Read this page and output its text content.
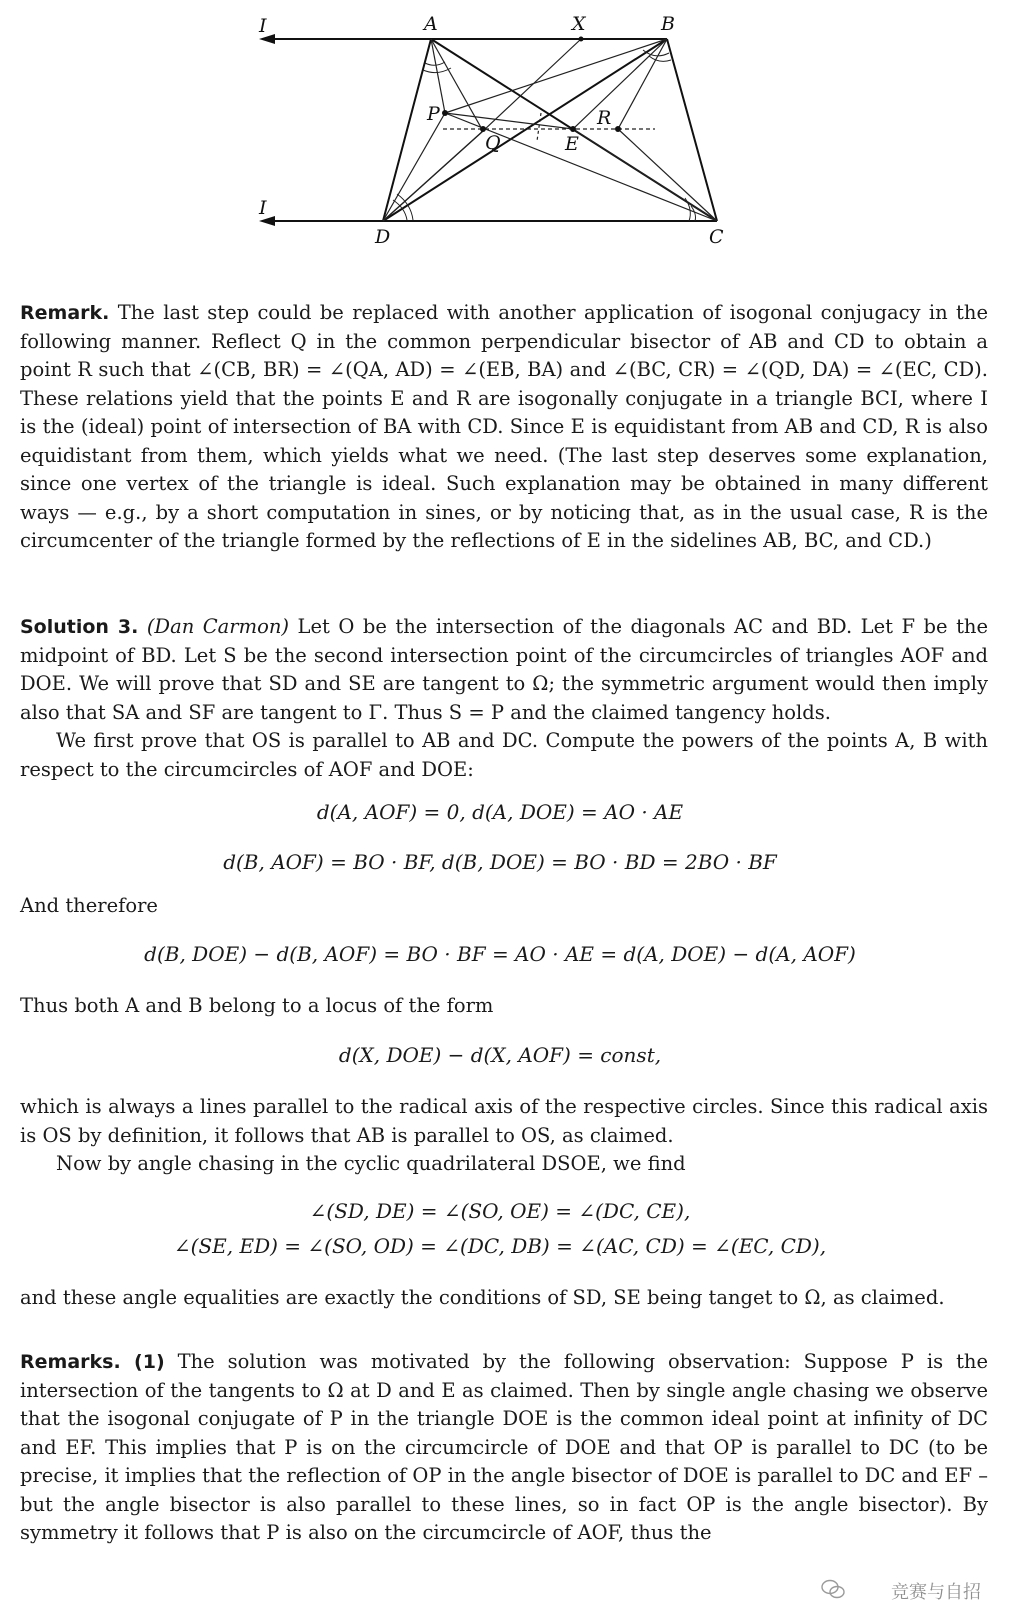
I	A	X	B
P
Q	E
R
I
D	C

Remark. The last step could be replaced with another application of isogonal conjugacy in the following manner. Reflect Q in the common perpendicular bisector of AB and CD to obtain a point R such that ∠(CB, BR) = ∠(QA, AD) = ∠(EB, BA) and ∠(BC, CR) = ∠(QD, DA) = ∠(EC, CD). These relations yield that the points E and R are isogonally conjugate in a triangle BCI, where I is the (ideal) point of intersection of BA with CD. Since E is equidistant from AB and CD, R is also equidistant from them, which yields what we need. (The last step deserves some explanation, since one vertex of the triangle is ideal. Such explanation may be obtained in many different ways — e.g., by a short computation in sines, or by noticing that, as in the usual case, R is the circumcenter of the triangle formed by the reflections of E in the sidelines AB, BC, and CD.)

Solution 3. (Dan Carmon) Let O be the intersection of the diagonals AC and BD. Let F be the midpoint of BD. Let S be the second intersection point of the circumcircles of triangles AOF and DOE. We will prove that SD and SE are tangent to Ω; the symmetric argument would then imply also that SA and SF are tangent to Γ. Thus S = P and the claimed tangency holds.

We first prove that OS is parallel to AB and DC. Compute the powers of the points A, B with respect to the circumcircles of AOF and DOE:

d(A, AOF) = 0, d(A, DOE) = AO · AE
d(B, AOF) = BO · BF, d(B, DOE) = BO · BD = 2BO · BF

And therefore

d(B, DOE) − d(B, AOF) = BO · BF = AO · AE = d(A, DOE) − d(A, AOF)

Thus both A and B belong to a locus of the form

d(X, DOE) − d(X, AOF) = const,

which is always a lines parallel to the radical axis of the respective circles. Since this radical axis is OS by definition, it follows that AB is parallel to OS, as claimed.

Now by angle chasing in the cyclic quadrilateral DSOE, we find

∠(SD, DE) = ∠(SO, OE) = ∠(DC, CE),
∠(SE, ED) = ∠(SO, OD) = ∠(DC, DB) = ∠(AC, CD) = ∠(EC, CD),

and these angle equalities are exactly the conditions of SD, SE being tanget to Ω, as claimed.

Remarks. (1) The solution was motivated by the following observation: Suppose P is the intersection of the tangents to Ω at D and E as claimed. Then by single angle chasing we observe that the isogonal conjugate of P in the triangle DOE is the common ideal point at infinity of DC and EF. This implies that P is on the circumcircle of DOE and that OP is parallel to DC (to be precise, it implies that the reflection of OP in the angle bisector of DOE is parallel to DC and EF – but the angle bisector is also parallel to these lines, so in fact OP is the angle bisector). By symmetry it follows that P is also on the circumcircle of AOF, thus the

竞赛与自招
